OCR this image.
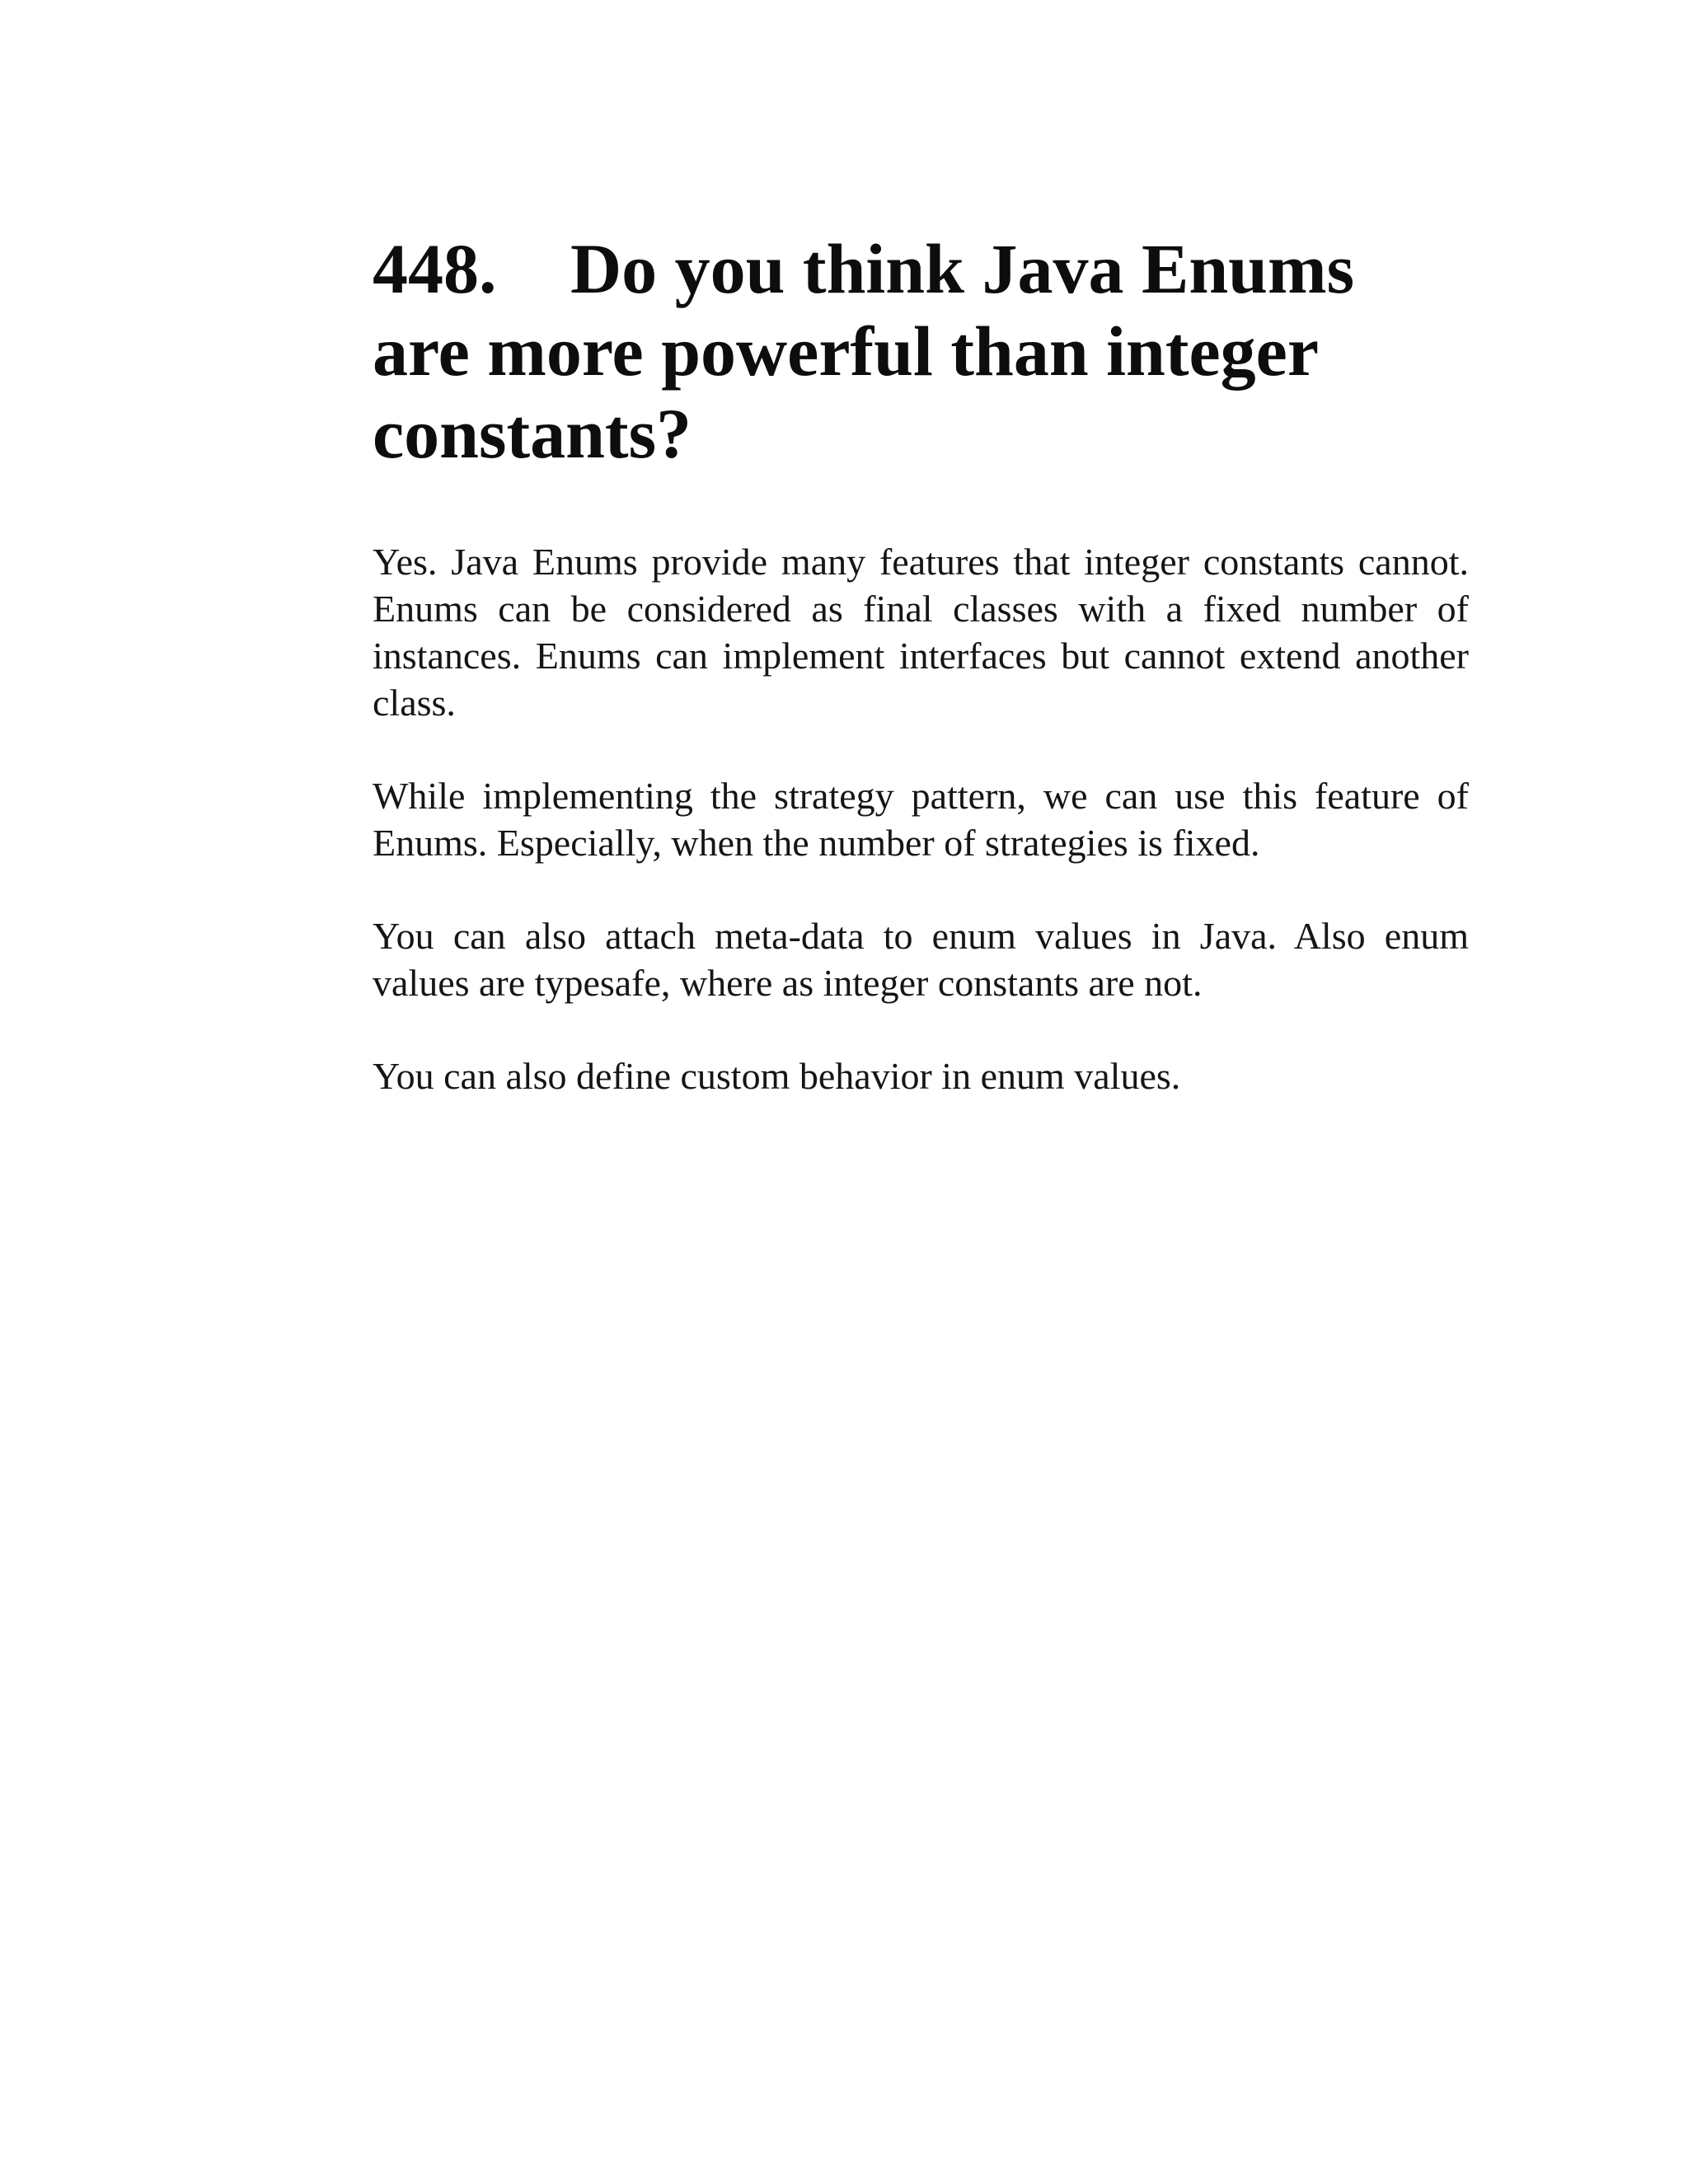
448. Do you think Java Enums are more powerful than integer constants?

Yes. Java Enums provide many features that integer constants cannot. Enums can be considered as final classes with a fixed number of instances. Enums can implement interfaces but cannot extend another class.

While implementing the strategy pattern, we can use this feature of Enums. Especially, when the number of strategies is fixed.

You can also attach meta-data to enum values in Java. Also enum values are typesafe, where as integer constants are not.

You can also define custom behavior in enum values.
